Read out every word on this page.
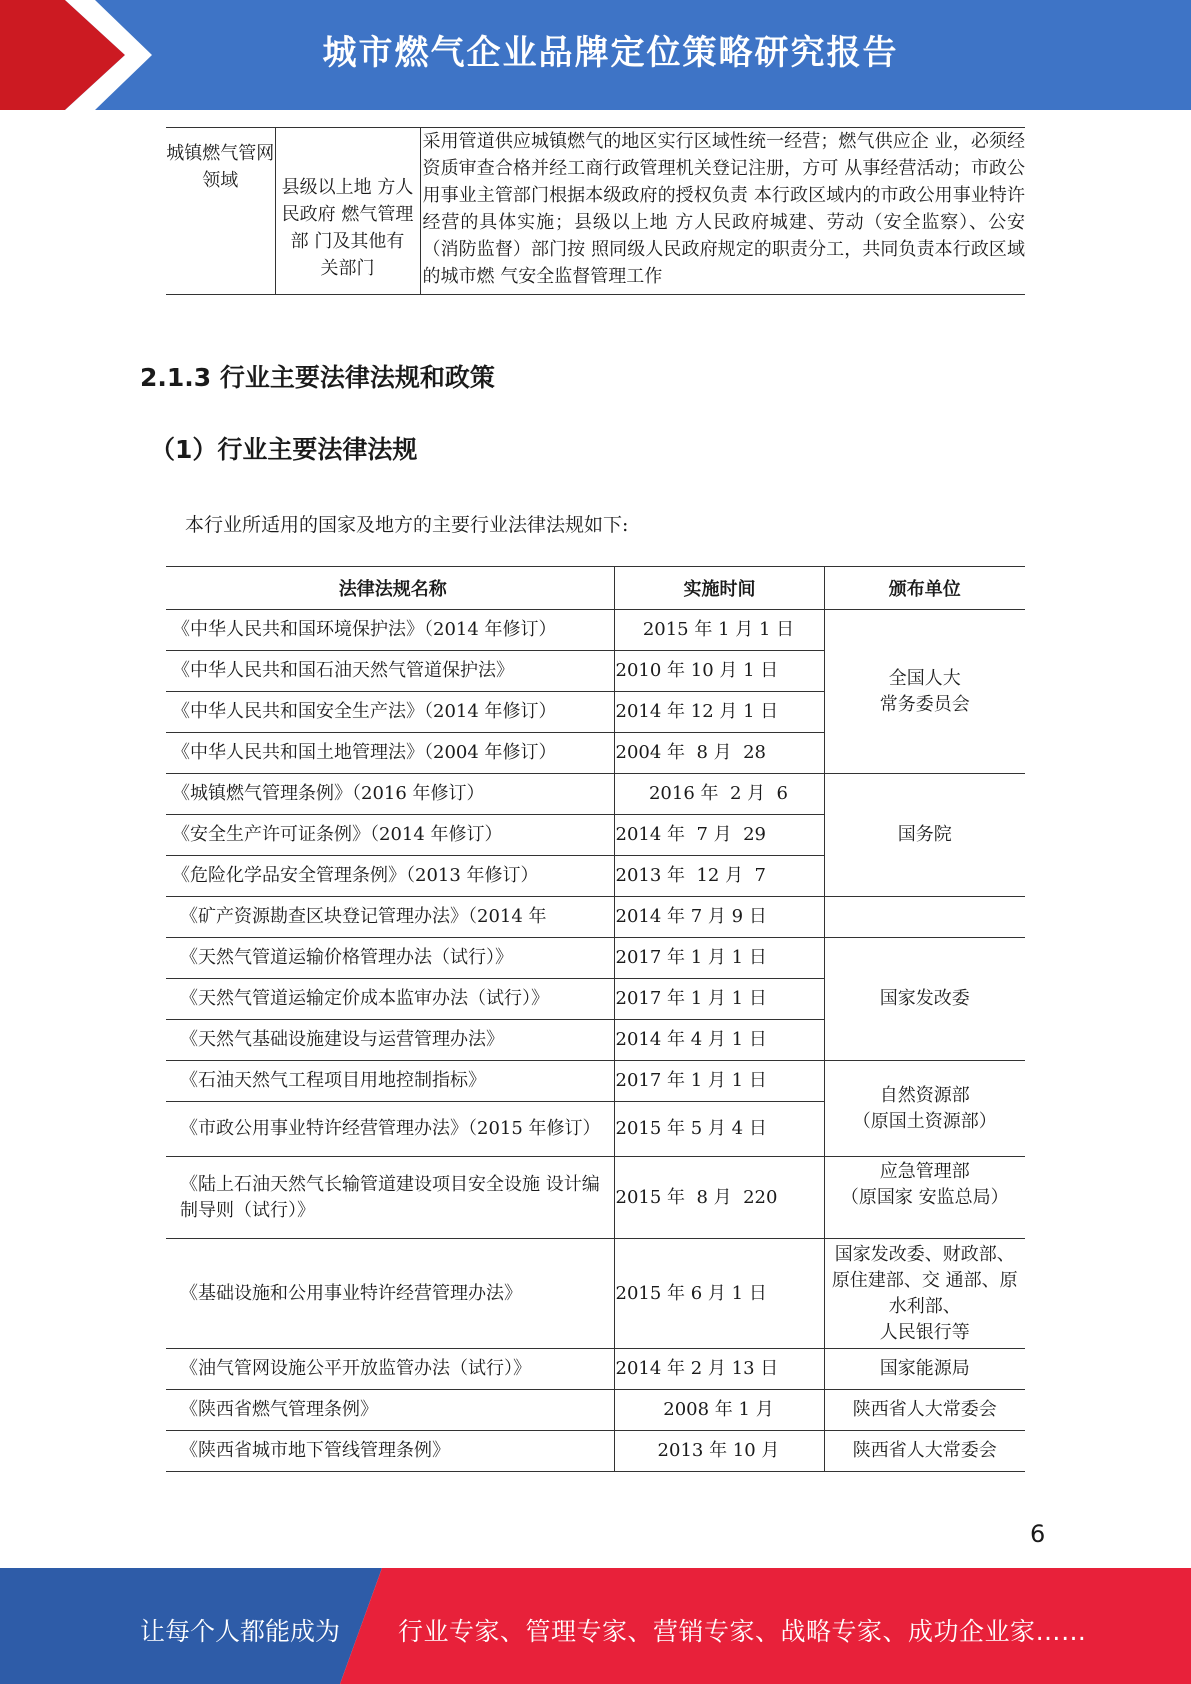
城市燃气企业品牌定位策略研究报告
城镇燃气管网领域	县级以上地 方人民政府 燃气管理部 门及其他有 关部门	采用管道供应城镇燃气的地区实行区域性统一经营；燃气供应企 业，必须经资质审查合格并经工商行政管理机关登记注册，方可 从事经营活动；市政公用事业主管部门根据本级政府的授权负责 本行政区域内的市政公用事业特许经营的具体实施；县级以上地 方人民政府城建、劳动（安全监察）、公安（消防监督）部门按 照同级人民政府规定的职责分工，共同负责本行政区域的城市燃 气安全监督管理工作
2.1.3 行业主要法律法规和政策
（1）行业主要法律法规
本行业所适用的国家及地方的主要行业法律法规如下:
法律法规名称	实施时间	颁布单位
《中华人民共和国环境保护法》（2014 年修订）	2015 年 1 月 1 日	全国人大
常务委员会
《中华人民共和国石油天然气管道保护法》	2010 年 10 月 1 日	
《中华人民共和国安全生产法》（2014 年修订）	2014 年 12 月 1 日	
《中华人民共和国土地管理法》（2004 年修订）	2004 年  8 月  28	
《城镇燃气管理条例》（2016 年修订）	2016 年  2 月  6	国务院
《安全生产许可证条例》（2014 年修订）	2014 年  7 月  29	
《危险化学品安全管理条例》（2013 年修订）	2013 年  12 月  7	
《矿产资源勘查区块登记管理办法》（2014 年	2014 年 7 月 9 日	
《天然气管道运输价格管理办法（试行）》	2017 年 1 月 1 日	国家发改委
《天然气管道运输定价成本监审办法（试行）》	2017 年 1 月 1 日	
《天然气基础设施建设与运营管理办法》	2014 年 4 月 1 日	
《石油天然气工程项目用地控制指标》	2017 年 1 月 1 日	自然资源部
（原国土资源部）
《市政公用事业特许经营管理办法》（2015 年修订）	2015 年 5 月 4 日	
《陆上石油天然气长输管道建设项目安全设施 设计编制导则（试行）》	2015 年  8 月  220	应急管理部
（原国家 安监总局）
《基础设施和公用事业特许经营管理办法》	2015 年 6 月 1 日	国家发改委、财政部、原住建部、交 通部、原水利部、
人民银行等
《油气管网设施公平开放监管办法（试行）》	2014 年 2 月 13 日	国家能源局
《陕西省燃气管理条例》	2008 年 1 月	陕西省人大常委会
《陕西省城市地下管线管理条例》	2013 年 10 月	陕西省人大常委会
6
让每个人都能成为 行业专家、管理专家、营销专家、战略专家、成功企业家……
